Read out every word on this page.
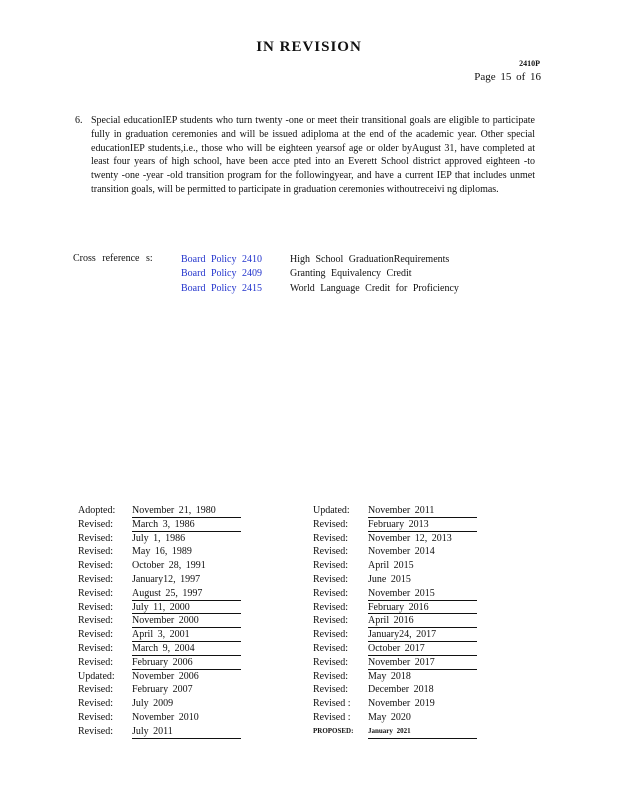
IN REVISION
2410P
Page 15 of 16
6. Special educationIEP students who turn twenty -one or meet their transitional goals are eligible to participate fully in graduation ceremonies and will be issued adiploma at the end of the academic year. Other special educationIEP students,i.e., those who will be eighteen yearsof age or older byAugust 31, have completed at least four years of high school, have been acce pted into an Everett School district approved eighteen -to twenty -one -year -old transition program for the followingyear, and have a current IEP that includes unmet transition goals, will be permitted to participate in graduation ceremonies withoutreceivi ng diplomas.
Cross reference s:	Board Policy 2410	High School GraduationRequirements
Board Policy 2409	Granting Equivalency Credit
Board Policy 2415	World Language Credit for Proficiency
Adopted:	November 21, 1980
Revised:	March 3, 1986
Revised:	July 1, 1986
Revised:	May 16, 1989
Revised:	October 28, 1991
Revised:	January12, 1997
Revised:	August 25, 1997
Revised:	July 11, 2000
Revised:	November 2000
Revised:	April 3, 2001
Revised:	March 9, 2004
Revised:	February 2006
Updated:	November 2006
Revised:	February 2007
Revised:	July 2009
Revised:	November 2010
Revised:	July 2011
Updated:	November 2011
Revised:	February 2013
Revised:	November 12, 2013
Revised:	November 2014
Revised:	April 2015
Revised:	June 2015
Revised:	November 2015
Revised:	February 2016
Revised:	April 2016
Revised:	January24, 2017
Revised:	October 2017
Revised:	November 2017
Revised:	May 2018
Revised:	December 2018
Revised :	November 2019
Revised :	May 2020
PROPOSED:	January 2021
